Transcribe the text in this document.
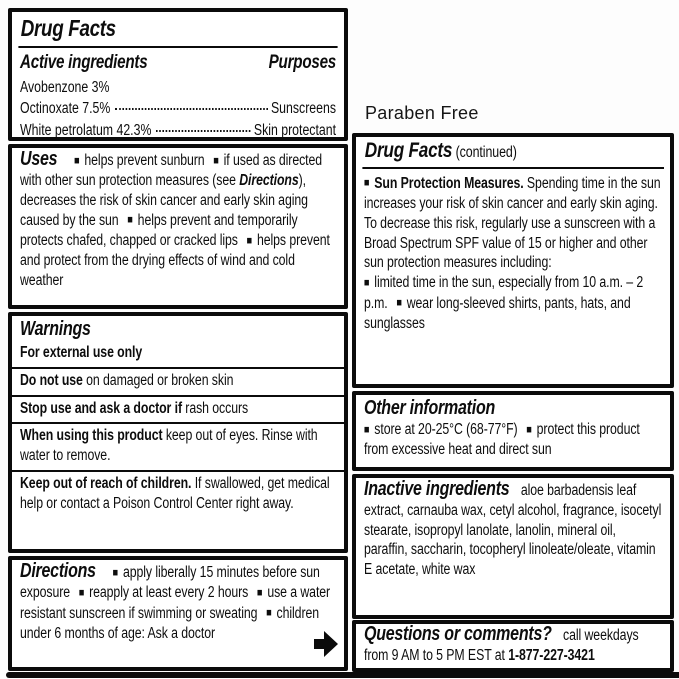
Drug Facts
Active ingredients	Purposes
Avobenzone 3%
Octinoxate 7.5%	Sunscreens
White petrolatum 42.3%	Skin protectant
Uses ■ helps prevent sunburn ■ if used as directed with other sun protection measures (see Directions), decreases the risk of skin cancer and early skin aging caused by the sun ■ helps prevent and temporarily protects chafed, chapped or cracked lips ■ helps prevent and protect from the drying effects of wind and cold weather
Warnings
For external use only
Do not use on damaged or broken skin
Stop use and ask a doctor if rash occurs
When using this product keep out of eyes. Rinse with water to remove.
Keep out of reach of children. If swallowed, get medical help or contact a Poison Control Center right away.
Directions ■ apply liberally 15 minutes before sun exposure ■ reapply at least every 2 hours ■ use a water resistant sunscreen if swimming or sweating ■ children under 6 months of age: Ask a doctor
Paraben Free
Drug Facts (continued)
■ Sun Protection Measures. Spending time in the sun increases your risk of skin cancer and early skin aging. To decrease this risk, regularly use a sunscreen with a Broad Spectrum SPF value of 15 or higher and other sun protection measures including:
■ limited time in the sun, especially from 10 a.m. – 2 p.m. ■ wear long-sleeved shirts, pants, hats, and sunglasses
Other information
■ store at 20-25°C (68-77°F) ■ protect this product from excessive heat and direct sun
Inactive ingredients aloe barbadensis leaf extract, carnauba wax, cetyl alcohol, fragrance, isocetyl stearate, isopropyl lanolate, lanolin, mineral oil, paraffin, saccharin, tocopheryl linoleate/oleate, vitamin E acetate, white wax
Questions or comments? call weekdays from 9 AM to 5 PM EST at 1-877-227-3421
